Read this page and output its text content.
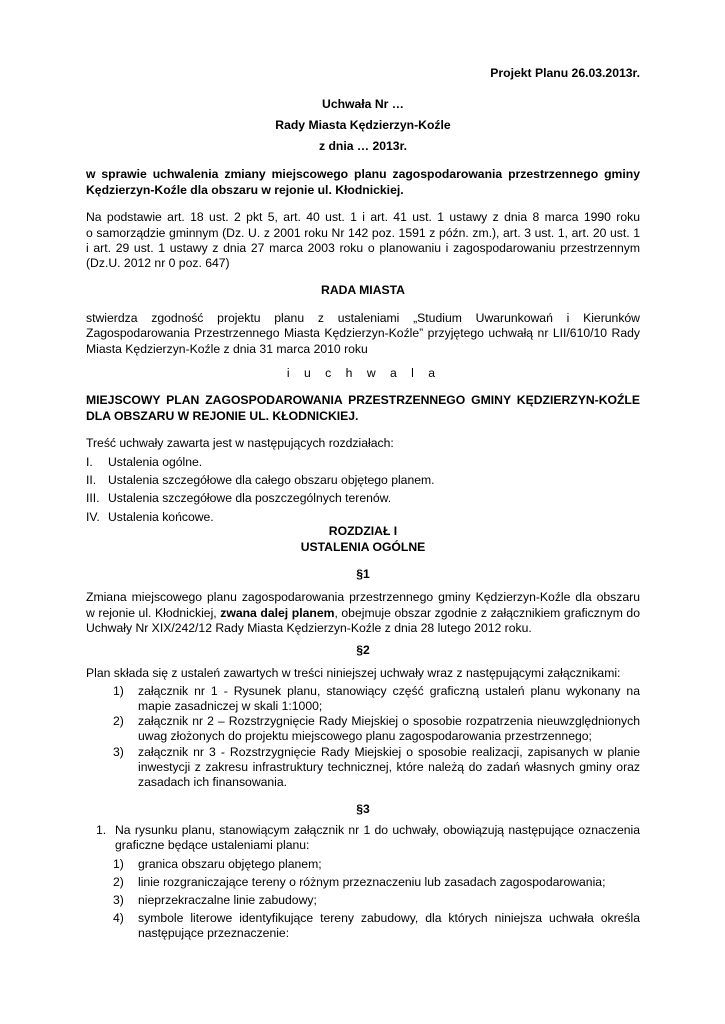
Projekt Planu 26.03.2013r.
Uchwała Nr …
Rady Miasta Kędzierzyn-Koźle
z dnia … 2013r.
w sprawie uchwalenia zmiany miejscowego planu zagospodarowania przestrzennego gminy
Kędzierzyn-Koźle dla obszaru w rejonie ul. Kłodnickiej.
Na podstawie art. 18 ust. 2 pkt 5, art. 40 ust. 1 i art. 41 ust. 1 ustawy z dnia 8 marca 1990 roku
o samorządzie gminnym (Dz. U. z 2001 roku Nr 142 poz. 1591 z późn. zm.), art. 3 ust. 1, art. 20 ust. 1
i art. 29 ust. 1 ustawy z dnia 27 marca 2003 roku o planowaniu i zagospodarowaniu przestrzennym
(Dz.U. 2012 nr 0 poz. 647)
RADA MIASTA
stwierdza zgodność projektu planu z ustaleniami „Studium Uwarunkowań i Kierunków
Zagospodarowania Przestrzennego Miasta Kędzierzyn-Koźle” przyjętego uchwałą nr LII/610/10 Rady
Miasta Kędzierzyn-Koźle z dnia 31 marca 2010 roku
i u c h w a l a
MIEJSCOWY PLAN ZAGOSPODAROWANIA PRZESTRZENNEGO GMINY KĘDZIERZYN-KOŹLE
DLA OBSZARU W REJONIE UL. KŁODNICKIEJ.
Treść uchwały zawarta jest w następujących rozdziałach:
I. Ustalenia ogólne.
II. Ustalenia szczegółowe dla całego obszaru objętego planem.
III. Ustalenia szczegółowe dla poszczególnych terenów.
IV. Ustalenia końcowe.
ROZDZIAŁ I
USTALENIA OGÓLNE
§1
Zmiana miejscowego planu zagospodarowania przestrzennego gminy Kędzierzyn-Koźle dla obszaru
w rejonie ul. Kłodnickiej, zwana dalej planem, obejmuje obszar zgodnie z załącznikiem graficznym do
Uchwały Nr XIX/242/12 Rady Miasta Kędzierzyn-Koźle z dnia 28 lutego 2012 roku.
§2
Plan składa się z ustaleń zawartych w treści niniejszej uchwały wraz z następującymi załącznikami:
1) załącznik nr 1 - Rysunek planu, stanowiący część graficzną ustaleń planu wykonany na
mapie zasadniczej w skali 1:1000;
2) załącznik nr 2 – Rozstrzygnięcie Rady Miejskiej o sposobie rozpatrzenia nieuwzględnionych
uwag złożonych do projektu miejscowego planu zagospodarowania przestrzennego;
3) załącznik nr 3 - Rozstrzygnięcie Rady Miejskiej o sposobie realizacji, zapisanych w planie
inwestycji z zakresu infrastruktury technicznej, które należą do zadań własnych gminy oraz
zasadach ich finansowania.
§3
1. Na rysunku planu, stanowiącym załącznik nr 1 do uchwały, obowiązują następujące oznaczenia
graficzne będące ustaleniami planu:
1) granica obszaru objętego planem;
2) linie rozgraniczające tereny o różnym przeznaczeniu lub zasadach zagospodarowania;
3) nieprzekraczalne linie zabudowy;
4) symbole literowe identyfikujące tereny zabudowy, dla których niniejsza uchwała określa
następujące przeznaczenie:
